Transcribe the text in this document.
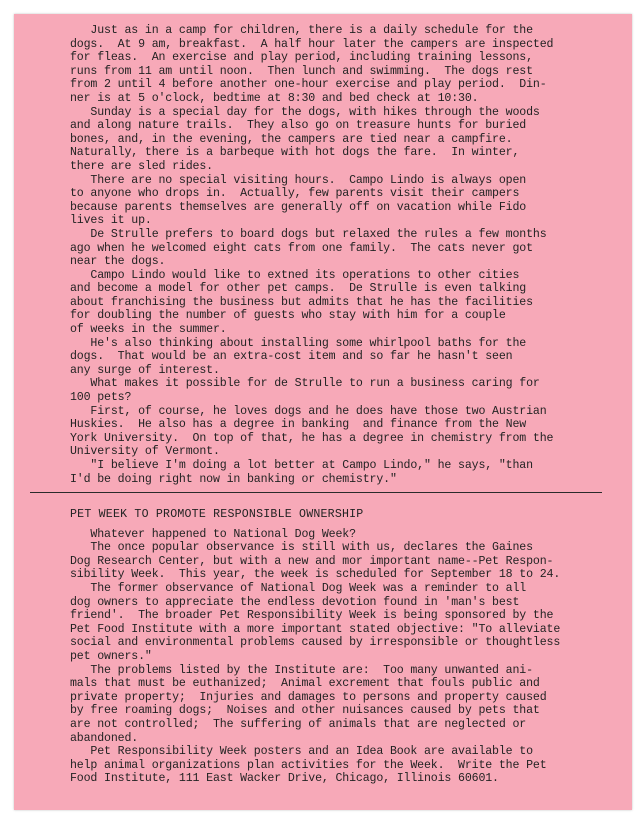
Just as in a camp for children, there is a daily schedule for the
dogs.  At 9 am, breakfast.  A half hour later the campers are inspected
for fleas.  An exercise and play period, including training lessons,
runs from 11 am until noon.  Then lunch and swimming.  The dogs rest
from 2 until 4 before another one-hour exercise and play period.  Din-
ner is at 5 o'clock, bedtime at 8:30 and bed check at 10:30.
Sunday is a special day for the dogs, with hikes through the woods
and along nature trails.  They also go on treasure hunts for buried
bones, and, in the evening, the campers are tied near a campfire.
Naturally, there is a barbeque with hot dogs the fare.  In winter,
there are sled rides.
There are no special visiting hours.  Campo Lindo is always open
to anyone who drops in.  Actually, few parents visit their campers
because parents themselves are generally off on vacation while Fido
lives it up.
De Strulle prefers to board dogs but relaxed the rules a few months
ago when he welcomed eight cats from one family.  The cats never got
near the dogs.
Campo Lindo would like to extned its operations to other cities
and become a model for other pet camps.  De Strulle is even talking
about franchising the business but admits that he has the facilities
for doubling the number of guests who stay with him for a couple
of weeks in the summer.
He's also thinking about installing some whirlpool baths for the
dogs.  That would be an extra-cost item and so far he hasn't seen
any surge of interest.
What makes it possible for de Strulle to run a business caring for
100 pets?
First, of course, he loves dogs and he does have those two Austrian
Huskies.  He also has a degree in banking  and finance from the New
York University.  On top of that, he has a degree in chemistry from the
University of Vermont.
"I believe I'm doing a lot better at Campo Lindo," he says, "than
I'd be doing right now in banking or chemistry."
PET WEEK TO PROMOTE RESPONSIBLE OWNERSHIP
Whatever happened to National Dog Week?
The once popular observance is still with us, declares the Gaines
Dog Research Center, but with a new and mor important name--Pet Respon-
sibility Week.  This year, the week is scheduled for September 18 to 24.
The former observance of National Dog Week was a reminder to all
dog owners to appreciate the endless devotion found in 'man's best
friend'.  The broader Pet Responsibility Week is being sponsored by the
Pet Food Institute with a more important stated objective: "To alleviate
social and environmental problems caused by irresponsible or thoughtless
pet owners."
The problems listed by the Institute are:  Too many unwanted ani-
mals that must be euthanized;  Animal excrement that fouls public and
private property;  Injuries and damages to persons and property caused
by free roaming dogs;  Noises and other nuisances caused by pets that
are not controlled;  The suffering of animals that are neglected or
abandoned.
Pet Responsibility Week posters and an Idea Book are available to
help animal organizations plan activities for the Week.  Write the Pet
Food Institute, 111 East Wacker Drive, Chicago, Illinois 60601.
